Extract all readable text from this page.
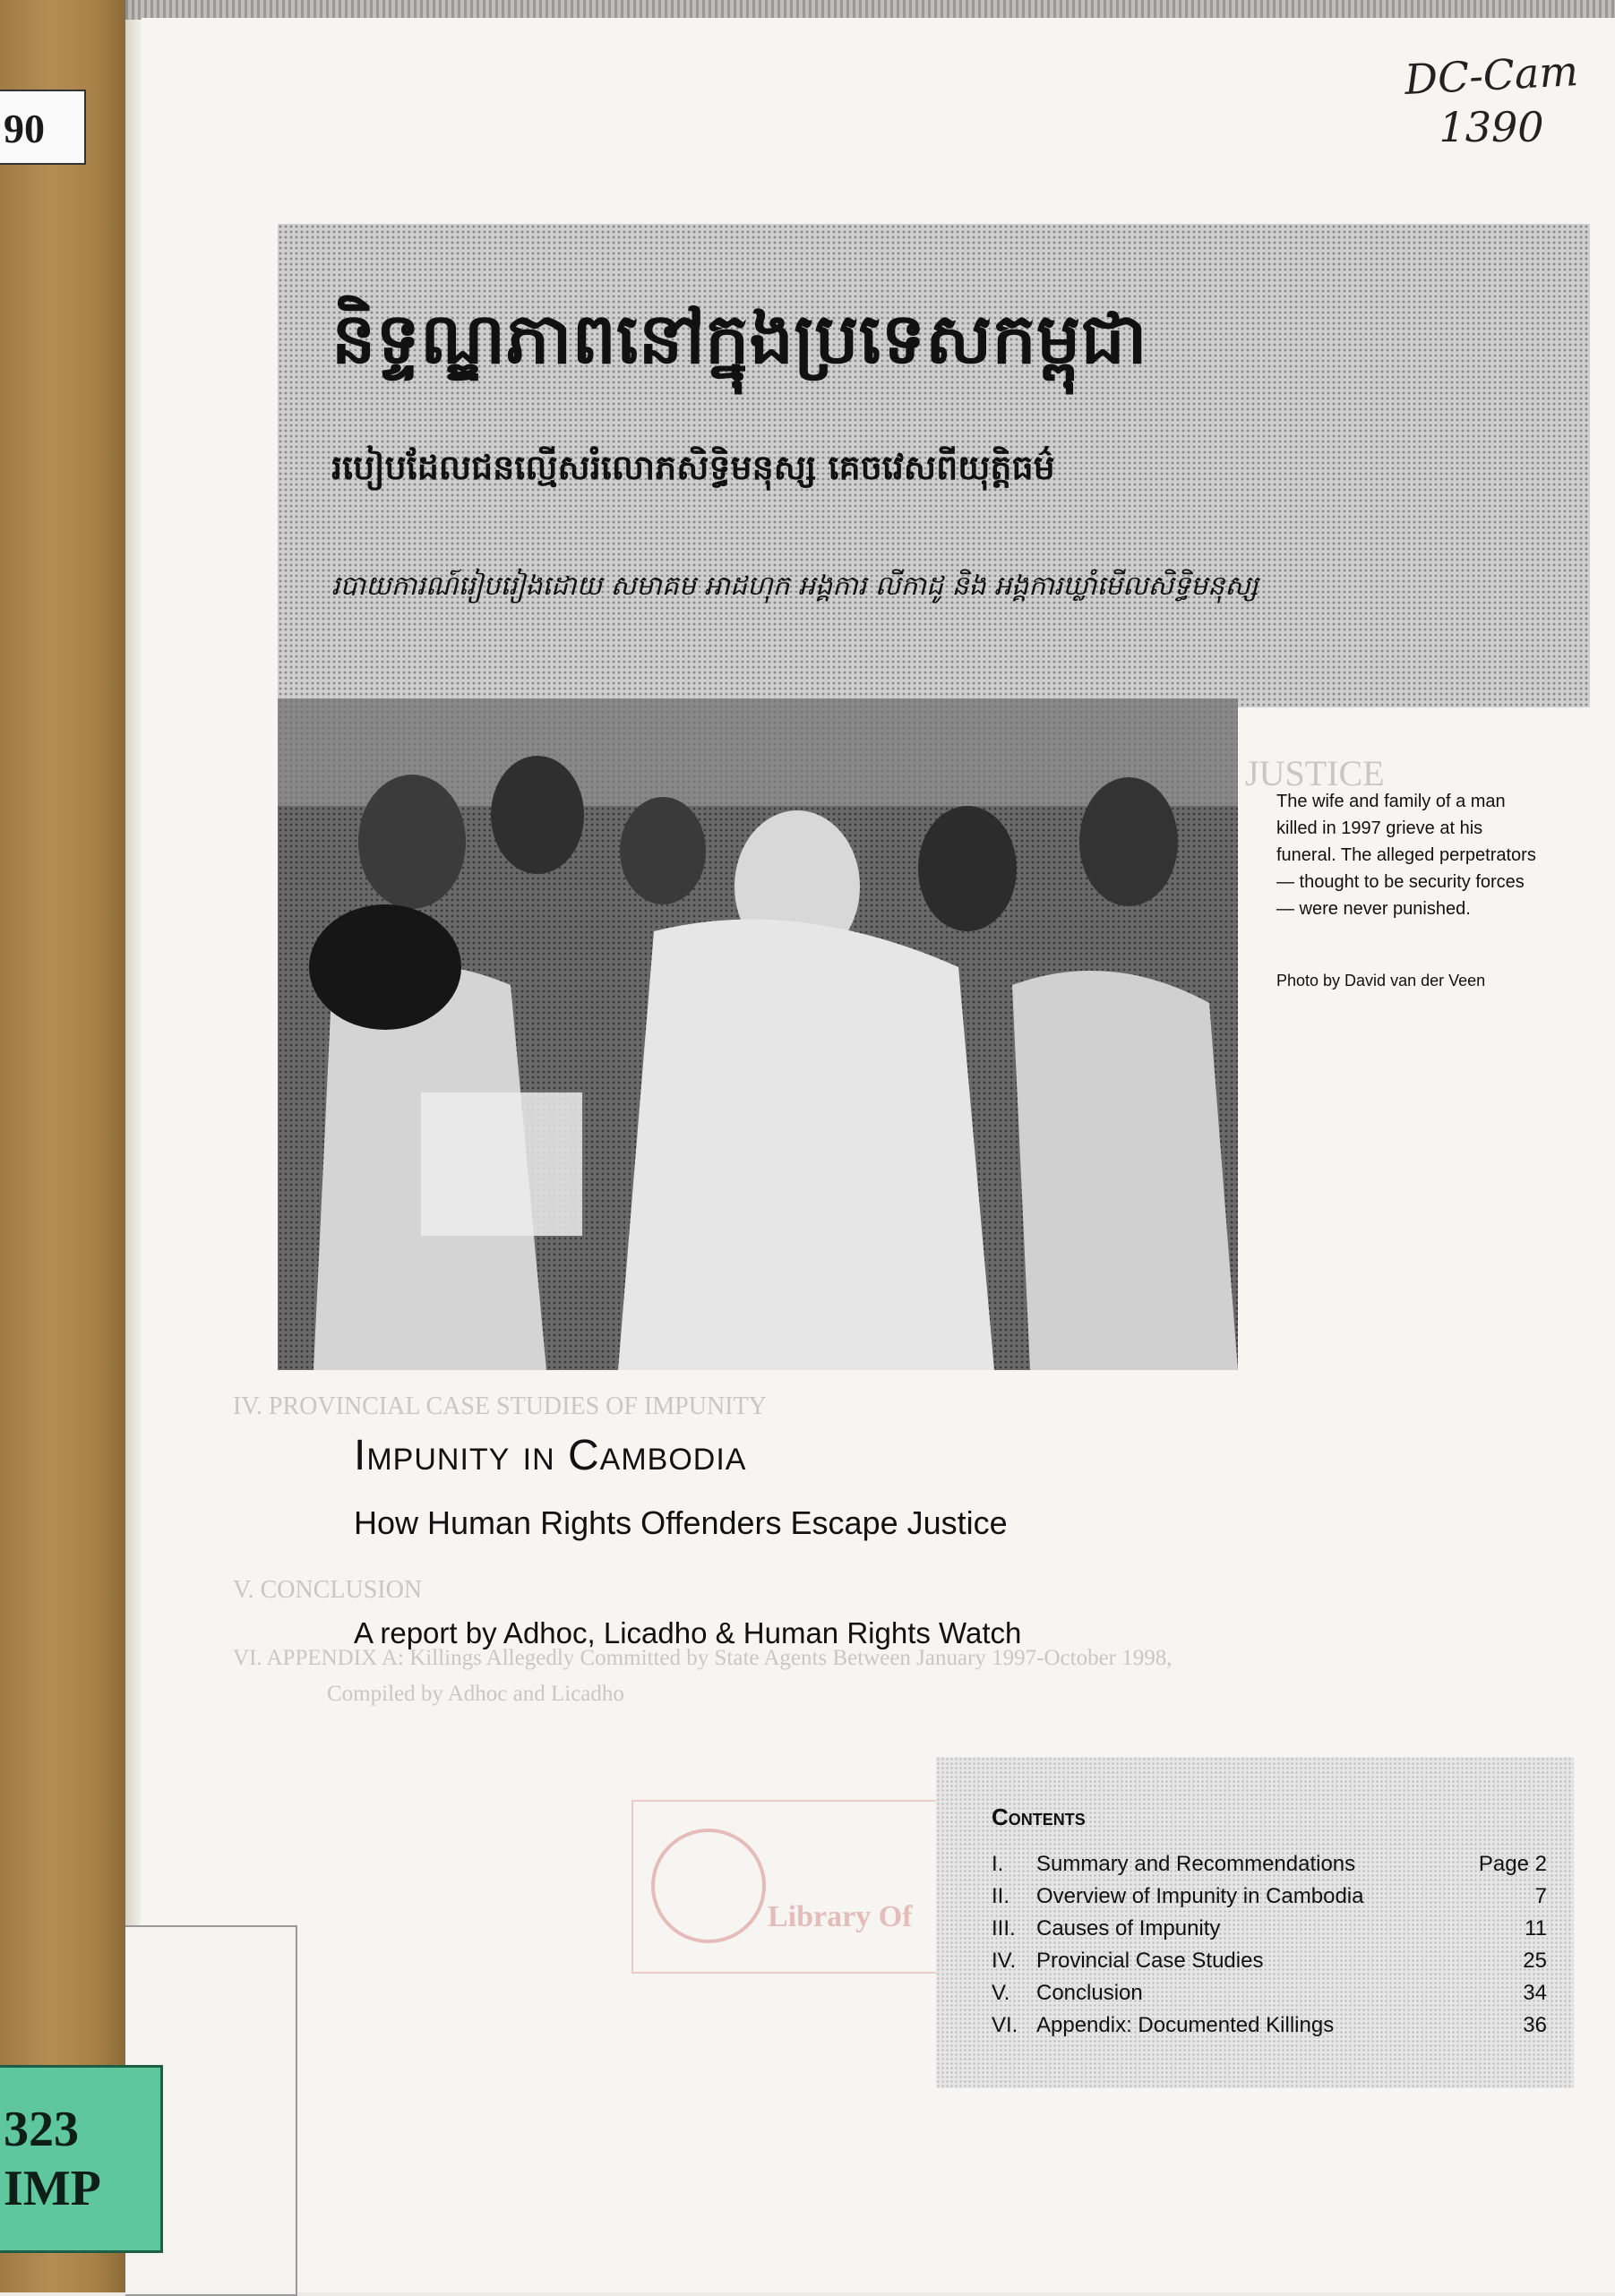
90
323
IMP
DC-Cam
1390
IV. PROVINCIAL CASE STUDIES OF IMPUNITY
V. CONCLUSION
VI. APPENDIX A: Killings Allegedly Committed by State Agents Between January 1997-October 1998,
Compiled by Adhoc and Licadho
JUSTICE
និទ្ទណ្ឌភាពនៅក្នុងប្រទេសកម្ពុជា
របៀបដែលជនល្មើសរំលោភសិទ្ធិមនុស្ស គេចវេសពីយុត្តិធម៌
របាយការណ៍រៀបរៀងដោយ សមាគម អាដហុក អង្គការ លីកាដូ និង អង្គការឃ្លាំមើលសិទ្ធិមនុស្ស
The wife and family of a man killed in 1997 grieve at his funeral. The alleged perpetrators — thought to be security forces — were never punished.
Photo by David van der Veen
Impunity in Cambodia
How Human Rights Offenders Escape Justice
A report by Adhoc, Licadho & Human Rights Watch
Library Of
Contents
I. Summary and Recommendations	Page 2
II. Overview of Impunity in Cambodia	7
III. Causes of Impunity	11
IV. Provincial Case Studies	25
V. Conclusion	34
VI. Appendix: Documented Killings	36
